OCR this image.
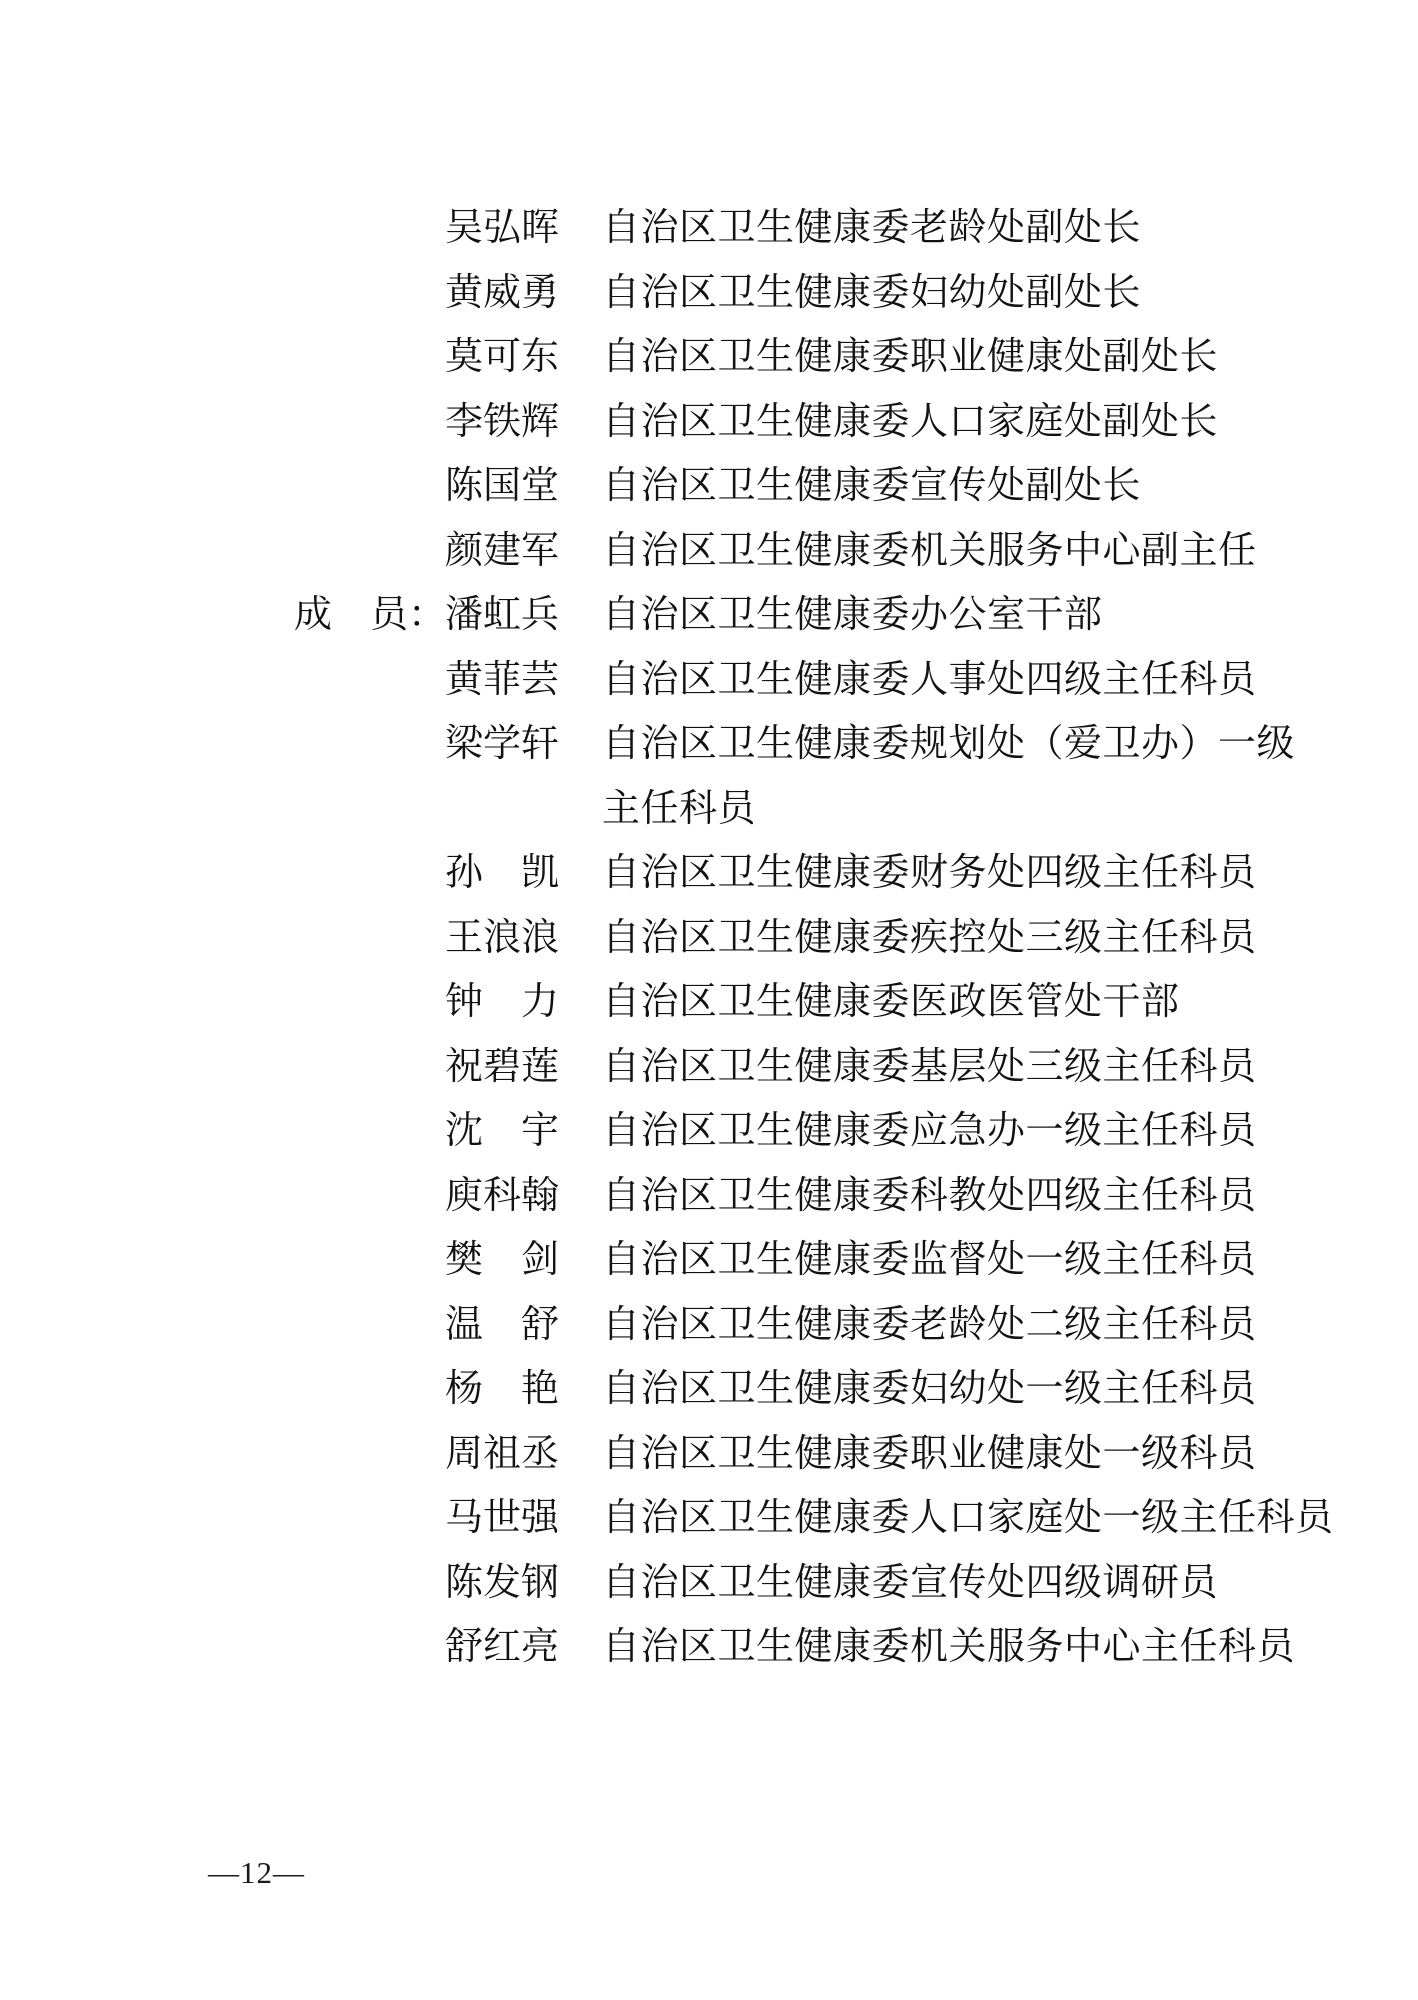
吴弘晖	自治区卫生健康委老龄处副处长
黄威勇	自治区卫生健康委妇幼处副处长
莫可东	自治区卫生健康委职业健康处副处长
李铁辉	自治区卫生健康委人口家庭处副处长
陈国堂	自治区卫生健康委宣传处副处长
颜建军	自治区卫生健康委机关服务中心副主任
成　员：
潘虹兵	自治区卫生健康委办公室干部
黄菲芸	自治区卫生健康委人事处四级主任科员
梁学轩	自治区卫生健康委规划处（爱卫办）一级
主任科员
孙　凯	自治区卫生健康委财务处四级主任科员
王浪浪	自治区卫生健康委疾控处三级主任科员
钟　力	自治区卫生健康委医政医管处干部
祝碧莲	自治区卫生健康委基层处三级主任科员
沈　宇	自治区卫生健康委应急办一级主任科员
庾科翰	自治区卫生健康委科教处四级主任科员
樊　剑	自治区卫生健康委监督处一级主任科员
温　舒	自治区卫生健康委老龄处二级主任科员
杨　艳	自治区卫生健康委妇幼处一级主任科员
周祖丞	自治区卫生健康委职业健康处一级科员
马世强	自治区卫生健康委人口家庭处一级主任科员
陈发钢	自治区卫生健康委宣传处四级调研员
舒红亮	自治区卫生健康委机关服务中心主任科员
—12—
